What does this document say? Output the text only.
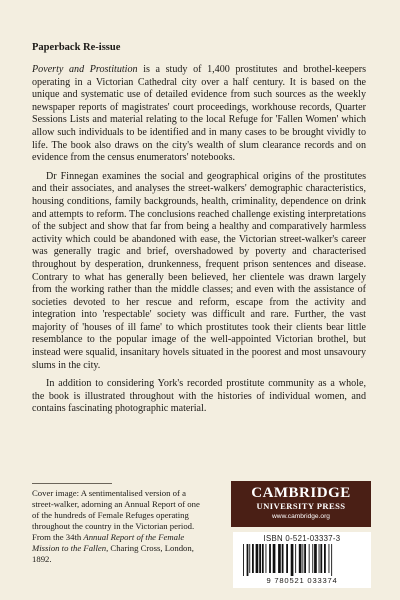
Paperback Re-issue

Poverty and Prostitution is a study of 1,400 prostitutes and brothel-keepers operating in a Victorian Cathedral city over a half century. It is based on the unique and systematic use of detailed evidence from such sources as the weekly newspaper reports of magistrates' court proceedings, workhouse records, Quarter Sessions Lists and material relating to the local Refuge for 'Fallen Women' which allow such individuals to be identified and in many cases to be brought vividly to life. The book also draws on the city's wealth of slum clearance records and on evidence from the census enumerators' notebooks.

Dr Finnegan examines the social and geographical origins of the prostitutes and their associates, and analyses the street-walkers' demographic characteristics, housing conditions, family backgrounds, health, criminality, dependence on drink and attempts to reform. The conclusions reached challenge existing interpretations of the subject and show that far from being a healthy and comparatively harmless activity which could be abandoned with ease, the Victorian street-walker's career was generally tragic and brief, overshadowed by poverty and characterised throughout by desperation, drunkenness, frequent prison sentences and disease. Contrary to what has generally been believed, her clientele was drawn largely from the working rather than the middle classes; and even with the assistance of societies devoted to her rescue and reform, escape from the activity and integration into 'respectable' society was difficult and rare. Further, the vast majority of 'houses of ill fame' to which prostitutes took their clients bear little resemblance to the popular image of the well-appointed Victorian brothel, but instead were squalid, insanitary hovels situated in the poorest and most unsavoury slums in the city.

In addition to considering York's recorded prostitute community as a whole, the book is illustrated throughout with the histories of individual women, and contains fascinating photographic material.

Cover image: A sentimentalised version of a street-walker, adorning an Annual Report of one of the hundreds of Female Refuges operating throughout the country in the Victorian period. From the 34th Annual Report of the Female Mission to the Fallen, Charing Cross, London, 1892.
CAMBRIDGE
UNIVERSITY PRESS
www.cambridge.org
ISBN 0-521-03337-3
9 780521 033374
